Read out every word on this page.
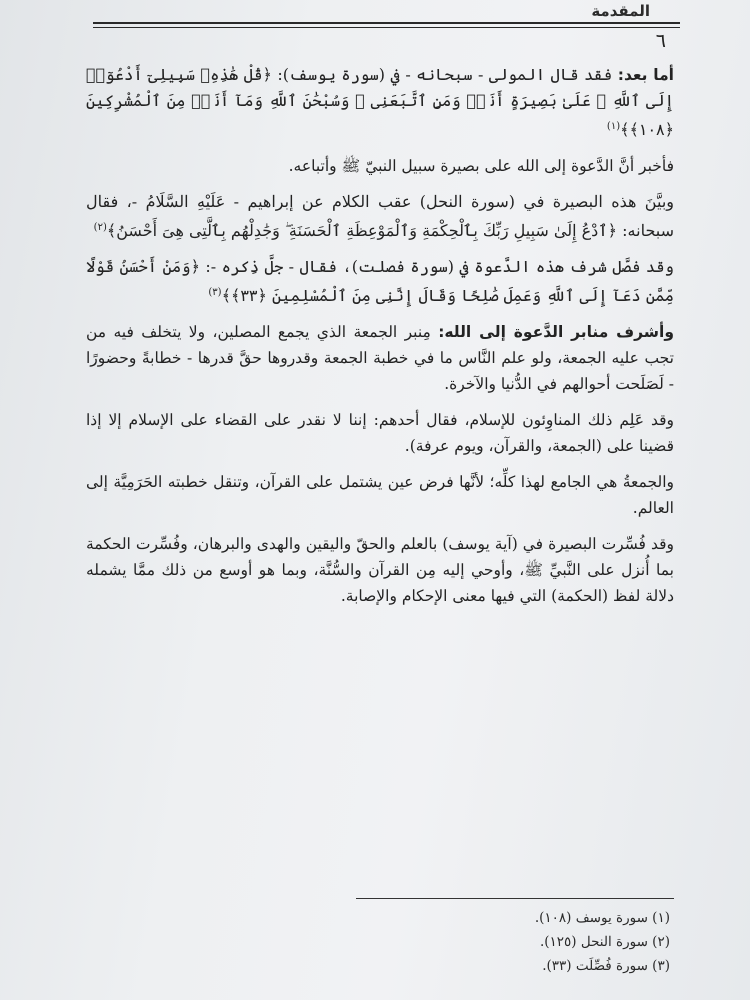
المقدمة
٦

أما بعد: فقد قال المولى - سبحانه - في (سورة يوسف): ﴿قُلْ هَٰذِهِۦ سَبِيلِىٓ أَدْعُوٓا۟ إِلَى ٱللَّهِ ۚ عَلَىٰ بَصِيرَةٍ أَنَا۠ وَمَنِ ٱتَّبَعَنِى ۖ وَسُبْحَٰنَ ٱللَّهِ وَمَآ أَنَا۠ مِنَ ٱلْمُشْرِكِينَ ﴿١٠٨﴾﴾$^{(١)}$

فأخبر أنَّ الدَّعوة إلى الله على بصيرة سبيل النبيّ ﷺ وأتباعه.

وبيَّنَ هذه البصيرة في (سورة النحل) عقب الكلام عن إبراهيم - عَلَيْهِ السَّلَامُ -، فقال سبحانه: ﴿ٱدْعُ إِلَىٰ سَبِيلِ رَبِّكَ بِٱلْحِكْمَةِ وَٱلْمَوْعِظَةِ ٱلْحَسَنَةِ ۖ وَجَٰدِلْهُم بِٱلَّتِى هِىَ أَحْسَنُ﴾$^{(٢)}$

وقد فصَّل شرف هذه الدَّعوة في (سورة فصلت)، فقال - جلَّ ذِكره -: ﴿وَمَنْ أَحْسَنُ قَوْلًا مِّمَّن دَعَآ إِلَى ٱللَّهِ وَعَمِلَ صَٰلِحًا وَقَالَ إِنَّنِى مِنَ ٱلْمُسْلِمِينَ ﴿٣٣﴾﴾$^{(٣)}$

وأشرف منابر الدَّعوة إلى الله: مِنبر الجمعة الذي يجمع المصلين، ولا يتخلف فيه من تجب عليه الجمعة، ولو علم النَّاس ما في خطبة الجمعة وقدروها حقَّ قدرها - خطابةً وحضورًا - لَصَلَحت أحوالهم في الدُّنيا والآخرة.

وقد عَلِم ذلك المناوِئون للإسلام، فقال أحدهم: إننا لا نقدر على القضاء على الإسلام إلا إذا قضينا على (الجمعة، والقرآن، ويوم عرفة).

والجمعةُ هي الجامع لهذا كلِّه؛ لأنَّها فرض عين يشتمل على القرآن، وتنقل خطبته الحَرَمِيَّة إلى العالم.

وقد فُسِّرت البصيرة في (آية يوسف) بالعلم والحقّ واليقين والهدى والبرهان، وفُسِّرت الحكمة بما أُنزل على النَّبيِّ ﷺ، وأوحي إليه مِن القرآن والسُّنَّة، وبما هو أوسع من ذلك ممَّا يشمله دلالة لفظ (الحكمة) التي فيها معنى الإحكام والإصابة.

(١) سورة يوسف (١٠٨).
(٢) سورة النحل (١٢٥).
(٣) سورة فُصِّلَت (٣٣).
